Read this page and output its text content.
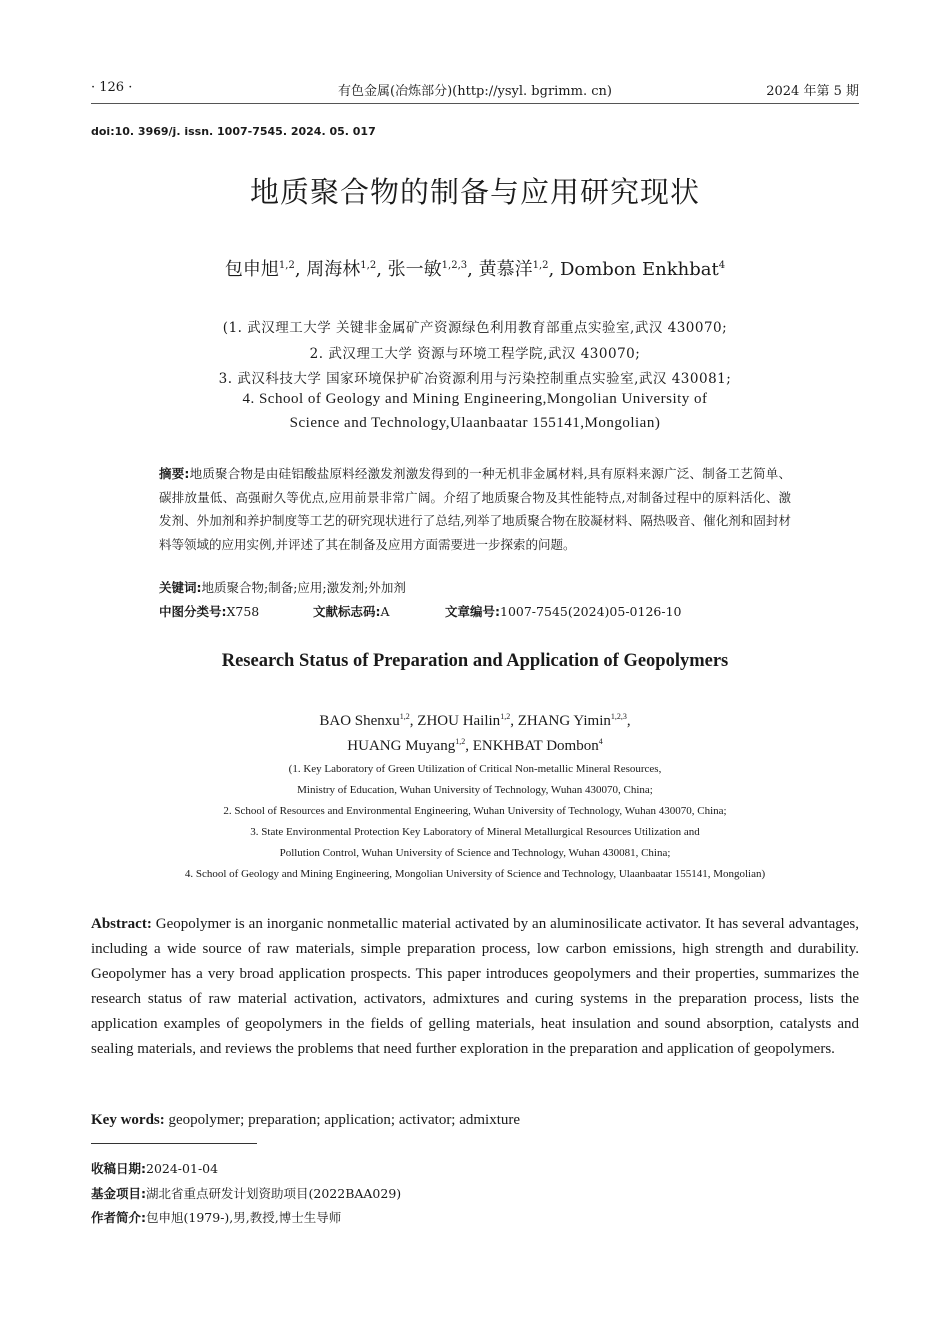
· 126 ·	有色金属(冶炼部分)(http://ysyl. bgrimm. cn)	2024 年第 5 期
doi:10. 3969/j. issn. 1007-7545. 2024. 05. 017
地质聚合物的制备与应用研究现状
包申旭$^{1,2}$, 周海林$^{1,2}$, 张一敏$^{1,2,3}$, 黄慕洋$^{1,2}$, Dombon Enkhbat$^4$
(1. 武汉理工大学 关键非金属矿产资源绿色利用教育部重点实验室,武汉 430070;
2. 武汉理工大学 资源与环境工程学院,武汉 430070;
3. 武汉科技大学 国家环境保护矿冶资源利用与污染控制重点实验室,武汉 430081;
4. School of Geology and Mining Engineering,Mongolian University of
Science and Technology,Ulaanbaatar 155141,Mongolian)
摘要:地质聚合物是由硅铝酸盐原料经激发剂激发得到的一种无机非金属材料,具有原料来源广泛、制备工艺简单、碳排放量低、高强耐久等优点,应用前景非常广阔。介绍了地质聚合物及其性能特点,对制备过程中的原料活化、激发剂、外加剂和养护制度等工艺的研究现状进行了总结,列举了地质聚合物在胶凝材料、隔热吸音、催化剂和固封材料等领域的应用实例,并评述了其在制备及应用方面需要进一步探索的问题。
关键词:地质聚合物;制备;应用;激发剂;外加剂
中图分类号:X758	文献标志码:A	文章编号:1007-7545(2024)05-0126-10
Research Status of Preparation and Application of Geopolymers
BAO Shenxu$^{1,2}$, ZHOU Hailin$^{1,2}$, ZHANG Yimin$^{1,2,3}$,
HUANG Muyang$^{1,2}$, ENKHBAT Dombon$^4$
(1. Key Laboratory of Green Utilization of Critical Non-metallic Mineral Resources,
Ministry of Education, Wuhan University of Technology, Wuhan 430070, China;
2. School of Resources and Environmental Engineering, Wuhan University of Technology, Wuhan 430070, China;
3. State Environmental Protection Key Laboratory of Mineral Metallurgical Resources Utilization and
Pollution Control, Wuhan University of Science and Technology, Wuhan 430081, China;
4. School of Geology and Mining Engineering, Mongolian University of Science and Technology, Ulaanbaatar 155141, Mongolian)
Abstract: Geopolymer is an inorganic nonmetallic material activated by an aluminosilicate activator. It has several advantages, including a wide source of raw materials, simple preparation process, low carbon emissions, high strength and durability. Geopolymer has a very broad application prospects. This paper introduces geopolymers and their properties, summarizes the research status of raw material activation, activators, admixtures and curing systems in the preparation process, lists the application examples of geopolymers in the fields of gelling materials, heat insulation and sound absorption, catalysts and sealing materials, and reviews the problems that need further exploration in the preparation and application of geopolymers.
Key words: geopolymer; preparation; application; activator; admixture
收稿日期:2024-01-04
基金项目:湖北省重点研发计划资助项目(2022BAA029)
作者简介:包申旭(1979-),男,教授,博士生导师
